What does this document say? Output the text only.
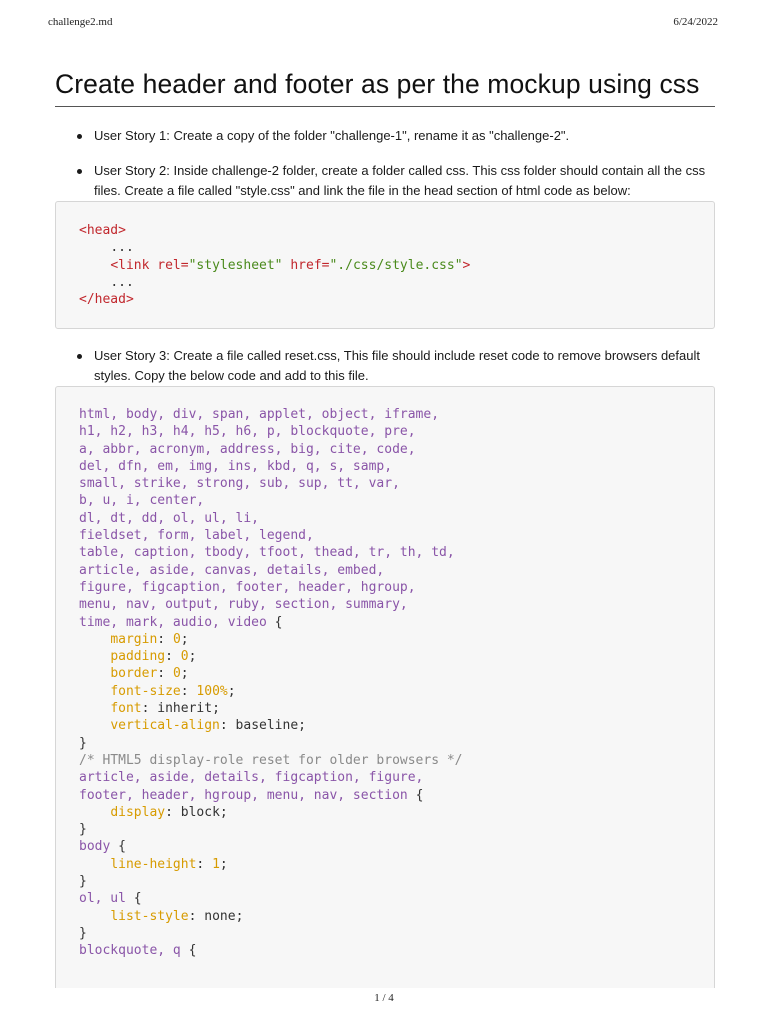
challenge2.md	6/24/2022
Create header and footer as per the mockup using css
User Story 1: Create a copy of the folder "challenge-1", rename it as "challenge-2".
User Story 2: Inside challenge-2 folder, create a folder called css. This css folder should contain all the css files. Create a file called "style.css" and link the file in the head section of html code as below:
<head>
...
<link rel="stylesheet" href="./css/style.css">
...
</head>
User Story 3: Create a file called reset.css, This file should include reset code to remove browsers default styles. Copy the below code and add to this file.
html, body, div, span, applet, object, iframe,
h1, h2, h3, h4, h5, h6, p, blockquote, pre,
a, abbr, acronym, address, big, cite, code,
del, dfn, em, img, ins, kbd, q, s, samp,
small, strike, strong, sub, sup, tt, var,
b, u, i, center,
dl, dt, dd, ol, ul, li,
fieldset, form, label, legend,
table, caption, tbody, tfoot, thead, tr, th, td,
article, aside, canvas, details, embed,
figure, figcaption, footer, header, hgroup,
menu, nav, output, ruby, section, summary,
time, mark, audio, video {
margin: 0;
padding: 0;
border: 0;
font-size: 100%;
font: inherit;
vertical-align: baseline;
}
/* HTML5 display-role reset for older browsers */
article, aside, details, figcaption, figure,
footer, header, hgroup, menu, nav, section {
display: block;
}
body {
line-height: 1;
}
ol, ul {
list-style: none;
}
blockquote, q {
1 / 4
